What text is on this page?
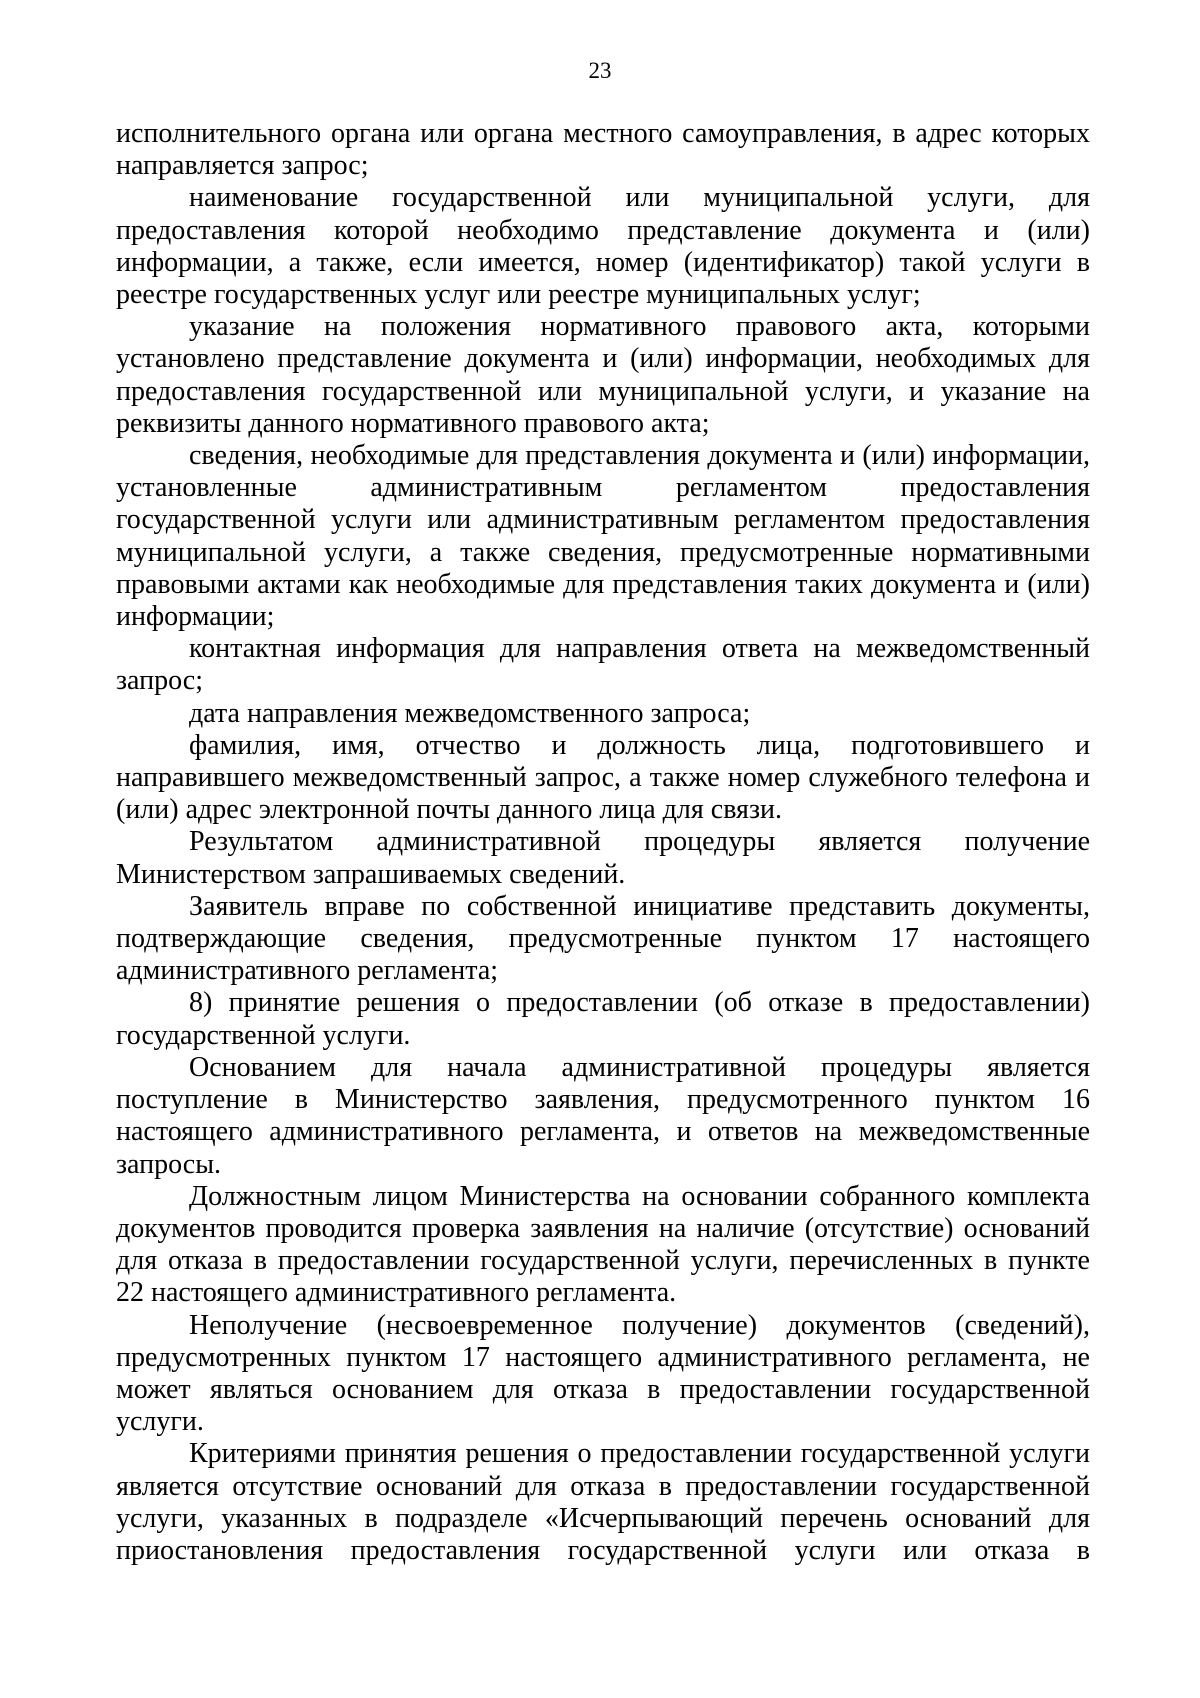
23

исполнительного органа или органа местного самоуправления, в адрес которых направляется запрос;

наименование государственной или муниципальной услуги, для предоставления которой необходимо представление документа и (или) информации, а также, если имеется, номер (идентификатор) такой услуги в реестре государственных услуг или реестре муниципальных услуг;

указание на положения нормативного правового акта, которыми установлено представление документа и (или) информации, необходимых для предоставления государственной или муниципальной услуги, и указание на реквизиты данного нормативного правового акта;

сведения, необходимые для представления документа и (или) информации, установленные административным регламентом предоставления государственной услуги или административным регламентом предоставления муниципальной услуги, а также сведения, предусмотренные нормативными правовыми актами как необходимые для представления таких документа и (или) информации;

контактная информация для направления ответа на межведомственный запрос;

дата направления межведомственного запроса;

фамилия, имя, отчество и должность лица, подготовившего и направившего межведомственный запрос, а также номер служебного телефона и (или) адрес электронной почты данного лица для связи.

Результатом административной процедуры является получение Министерством запрашиваемых сведений.

Заявитель вправе по собственной инициативе представить документы, подтверждающие сведения, предусмотренные пунктом 17 настоящего административного регламента;

8) принятие решения о предоставлении (об отказе в предоставлении) государственной услуги.

Основанием для начала административной процедуры является поступление в Министерство заявления, предусмотренного пунктом 16 настоящего административного регламента, и ответов на межведомственные запросы.

Должностным лицом Министерства на основании собранного комплекта документов проводится проверка заявления на наличие (отсутствие) оснований для отказа в предоставлении государственной услуги, перечисленных в пункте 22 настоящего административного регламента.

Неполучение (несвоевременное получение) документов (сведений), предусмотренных пунктом 17 настоящего административного регламента, не может являться основанием для отказа в предоставлении государственной услуги.

Критериями принятия решения о предоставлении государственной услуги является отсутствие оснований для отказа в предоставлении государственной услуги, указанных в подразделе «Исчерпывающий перечень оснований для приостановления предоставления государственной услуги или отказа в
